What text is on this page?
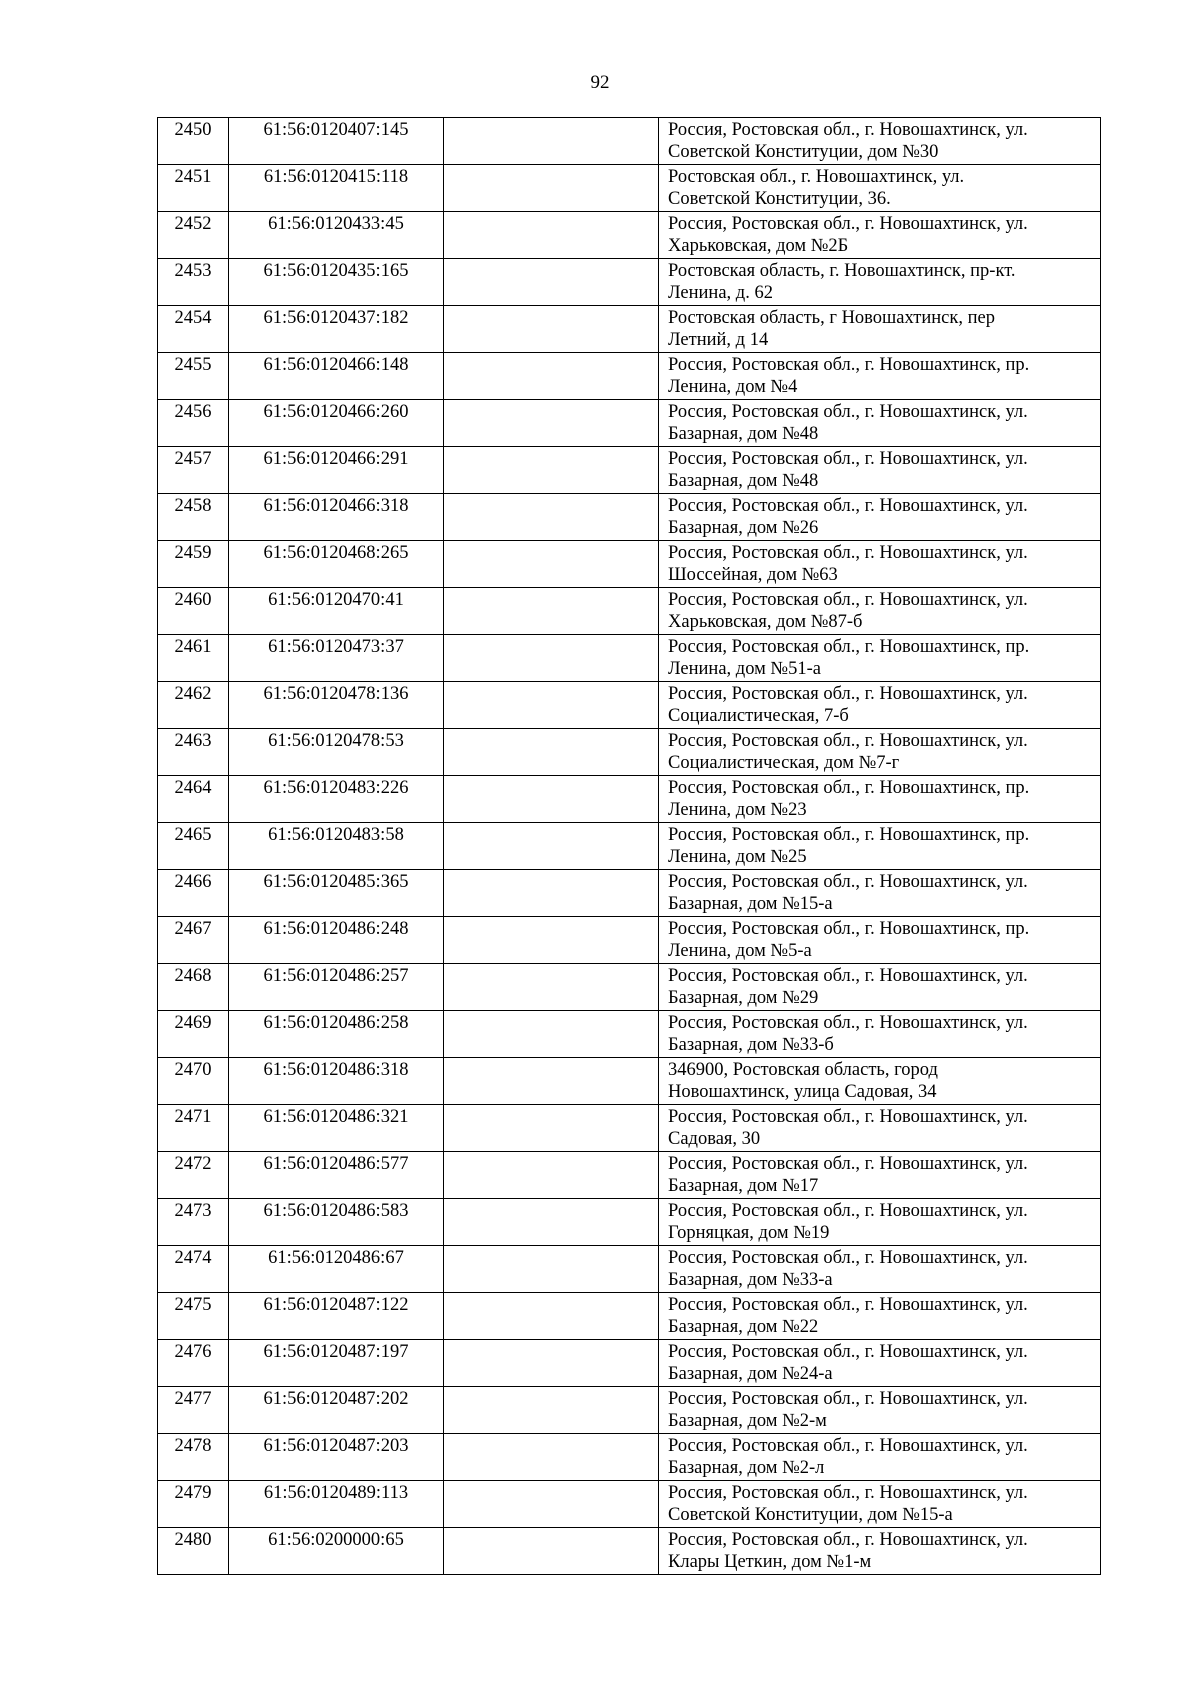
92
2450	61:56:0120407:145		Россия, Ростовская обл., г. Новошахтинск, ул.
Советской Конституции, дом №30

2451	61:56:0120415:118		Ростовская обл., г. Новошахтинск, ул.
Советской Конституции, 36.

2452	61:56:0120433:45		Россия, Ростовская обл., г. Новошахтинск, ул.
Харьковская, дом №2Б

2453	61:56:0120435:165		Ростовская область, г. Новошахтинск, пр-кт.
Ленина, д. 62

2454	61:56:0120437:182		Ростовская область, г Новошахтинск, пер
Летний, д 14

2455	61:56:0120466:148		Россия, Ростовская обл., г. Новошахтинск, пр.
Ленина, дом №4

2456	61:56:0120466:260		Россия, Ростовская обл., г. Новошахтинск, ул.
Базарная, дом №48

2457	61:56:0120466:291		Россия, Ростовская обл., г. Новошахтинск, ул.
Базарная, дом №48

2458	61:56:0120466:318		Россия, Ростовская обл., г. Новошахтинск, ул.
Базарная, дом №26

2459	61:56:0120468:265		Россия, Ростовская обл., г. Новошахтинск, ул.
Шоссейная, дом №63

2460	61:56:0120470:41		Россия, Ростовская обл., г. Новошахтинск, ул.
Харьковская, дом №87-б

2461	61:56:0120473:37		Россия, Ростовская обл., г. Новошахтинск, пр.
Ленина, дом №51-а

2462	61:56:0120478:136		Россия, Ростовская обл., г. Новошахтинск, ул.
Социалистическая, 7-б

2463	61:56:0120478:53		Россия, Ростовская обл., г. Новошахтинск, ул.
Социалистическая, дом №7-г

2464	61:56:0120483:226		Россия, Ростовская обл., г. Новошахтинск, пр.
Ленина, дом №23

2465	61:56:0120483:58		Россия, Ростовская обл., г. Новошахтинск, пр.
Ленина, дом №25

2466	61:56:0120485:365		Россия, Ростовская обл., г. Новошахтинск, ул.
Базарная, дом №15-а

2467	61:56:0120486:248		Россия, Ростовская обл., г. Новошахтинск, пр.
Ленина, дом №5-а

2468	61:56:0120486:257		Россия, Ростовская обл., г. Новошахтинск, ул.
Базарная, дом №29

2469	61:56:0120486:258		Россия, Ростовская обл., г. Новошахтинск, ул.
Базарная, дом №33-б

2470	61:56:0120486:318		346900, Ростовская область, город
Новошахтинск, улица Садовая, 34

2471	61:56:0120486:321		Россия, Ростовская обл., г. Новошахтинск, ул.
Садовая, 30

2472	61:56:0120486:577		Россия, Ростовская обл., г. Новошахтинск, ул.
Базарная, дом №17

2473	61:56:0120486:583		Россия, Ростовская обл., г. Новошахтинск, ул.
Горняцкая, дом №19

2474	61:56:0120486:67		Россия, Ростовская обл., г. Новошахтинск, ул.
Базарная, дом №33-а

2475	61:56:0120487:122		Россия, Ростовская обл., г. Новошахтинск, ул.
Базарная, дом №22

2476	61:56:0120487:197		Россия, Ростовская обл., г. Новошахтинск, ул.
Базарная, дом №24-а

2477	61:56:0120487:202		Россия, Ростовская обл., г. Новошахтинск, ул.
Базарная, дом №2-м

2478	61:56:0120487:203		Россия, Ростовская обл., г. Новошахтинск, ул.
Базарная, дом №2-л

2479	61:56:0120489:113		Россия, Ростовская обл., г. Новошахтинск, ул.
Советской Конституции, дом №15-а

2480	61:56:0200000:65		Россия, Ростовская обл., г. Новошахтинск, ул.
Клары Цеткин, дом №1-м
